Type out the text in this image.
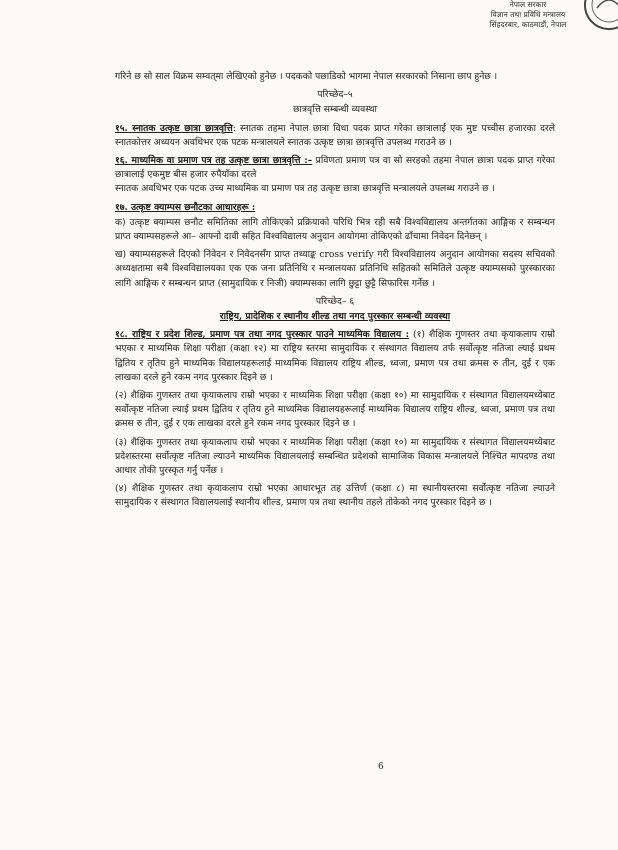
नेपाल सरकार
विज्ञान तथा प्रविधि मन्त्रालय
सिंहदरबार, काठमाडौं, नेपाल

गरिने छ सो साल विक्रम सम्वत्‌मा लेखिएको हुनेछ । पदकको पछाडिको भागमा नेपाल सरकारको निसाना छाप हुनेछ ।

परिच्छेद–५
छात्रवृत्ति सम्बन्धी व्यवस्था

१५. स्नातक उत्कृष्ट छात्रा छात्रवृत्ति: स्नातक तहमा नेपाल छात्रा विधा पदक प्राप्त गरेका छात्रालाई एक मुष्ट पच्चीस हजारका दरले स्नातकोत्तर अध्ययन अवधिभर एक पटक मन्त्रालयले स्नातक उत्कृष्ट छात्रा छात्रवृत्ति उपलब्ध गराउने छ ।

१६. माध्यमिक वा प्रमाण पत्र तह उत्कृष्ट छात्रा छात्रवृत्ति :– प्रविणता प्रमाण पत्र वा सो सरहको तहमा नेपाल छात्रा पदक प्राप्त गरेका छात्रालाई एकमुष्ट बीस हजार रुपैयाँका दरले

स्नातक अवधिभर एक पटक उच्च माध्यमिक वा प्रमाण पत्र तह उत्कृष्ट छात्रा छात्रवृत्ति मन्त्रालयले उपलब्ध गराउने छ ।

१७. उत्कृष्ट क्याम्पस छनौटका आधारहरू :

क) उत्कृष्ट क्याम्पस छनौट समितिका लागि तोकिएको प्रक्रियाको परिधि भित्र रही सबै विश्वविद्यालय अन्तर्गतका आङ्गिक र सम्बन्धन प्राप्त क्याम्पसहरूले आ– आफ्नो दावी सहित विश्वविद्यालय अनुदान आयोगमा तोकिएको ढाँचामा निवेदन दिनेछन्‌ ।

ख) क्याम्पसहरूले दिएको निवेदन र निवेदनसँग प्राप्त तथ्याङ्क cross verify गरी विश्वविद्यालय अनुदान आयोगका सदस्य सचिवको अध्यक्षतामा सबै विश्वविद्यालयका एक एक जना प्रतिनिधि र मन्त्रालयका प्रतिनिधि सहितको समितिले उत्कृष्ट क्याम्पसको पुरस्कारका लागि आङ्गिक र सम्बन्धन प्राप्त (सामुदायिक र निजी) क्याम्पसका लागि छुट्टा छुट्टै सिफारिस गर्नेछ ।

परिच्छेद– ६
राष्ट्रिय, प्रादेशिक र स्थानीय शील्ड तथा नगद पुरस्कार सम्बन्धी व्यवस्था

१८. राष्ट्रिय र प्रदेश शिल्ड, प्रमाण पत्र तथा नगद पुरस्कार पाउने माध्यमिक विद्यालय : (१) शैक्षिक गुणस्तर तथा कृयाकलाप राम्रो भएका र माध्यमिक शिक्षा परीक्षा (कक्षा १२) मा राष्ट्रिय स्तरमा सामुदायिक र संस्थागत विद्यालय तर्फ सर्वोत्कृष्ट नतिजा ल्याई प्रथम द्वितिय र तृतिय हुने माध्यमिक विद्यालयहरूलाई माध्यमिक विद्यालय राष्ट्रिय शील्ड, ध्वजा, प्रमाण पत्र तथा क्रमस रु तीन, दुई र एक लाखका दरले हुने रकम नगद पुरस्कार दिइने छ ।

(२) शैक्षिक गुणस्तर तथा कृयाकलाप राम्रो भएका र माध्यमिक शिक्षा परीक्षा (कक्षा १०) मा सामुदायिक र संस्थागत विद्यालयमध्येबाट सर्वोत्कृष्ट नतिजा ल्याई प्रथम द्वितिय र तृतिय हुने माध्यमिक विद्यालयहरूलाई माध्यमिक विद्यालय राष्ट्रिय शील्ड, ध्वजा, प्रमाण पत्र तथा क्रमस रु तीन, दुई र एक लाखका दरले हुने रकम नगद पुरस्कार दिइने छ ।

(३) शैक्षिक गुणस्तर तथा कृयाकलाप राम्रो भएका र माध्यमिक शिक्षा परीक्षा (कक्षा १०) मा सामुदायिक र संस्थागत विद्यालयमध्येबाट प्रदेशस्तरमा सर्वोत्कृष्ट नतिजा ल्याउने माध्यमिक विद्यालयलाई सम्बन्धित प्रदेशको सामाजिक विकास मन्त्रालयले निश्चित मापदण्ड तथा आधार तोकी पुरस्कृत गर्नु पर्नेछ ।

(४) शैक्षिक गुणस्तर तथा कृयाकलाप राम्रो भएका आधारभूत तह उत्तिर्ण (कक्षा ८) मा स्थानीयस्तरमा सर्वोत्कृष्ट नतिजा ल्याउने सामुदायिक र संस्थागत विद्यालयलाई स्थानीय शील्ड, प्रमाण पत्र तथा स्थानीय तहले तोकेको नगद पुरस्कार दिइने छ ।

6
